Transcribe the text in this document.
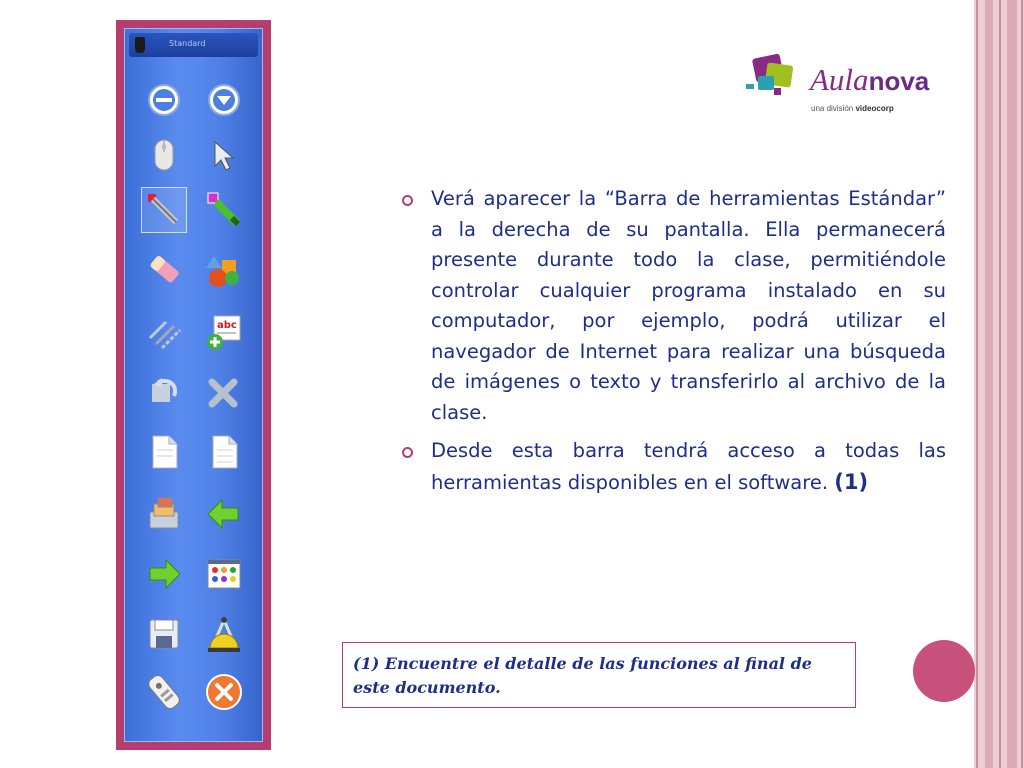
Standard
abc
Aulanova
una división videocorp
Verá aparecer la “Barra de herramientas Estándar” a la derecha de su pantalla. Ella permanecerá presente durante todo la clase, permitiéndole controlar cualquier programa instalado en su computador, por ejemplo, podrá utilizar el navegador de Internet para realizar una búsqueda de imágenes o texto y transferirlo al archivo de la clase.
Desde esta barra tendrá acceso a todas las herramientas disponibles en el software. (1)
(1) Encuentre el detalle de las funciones al final de este documento.
